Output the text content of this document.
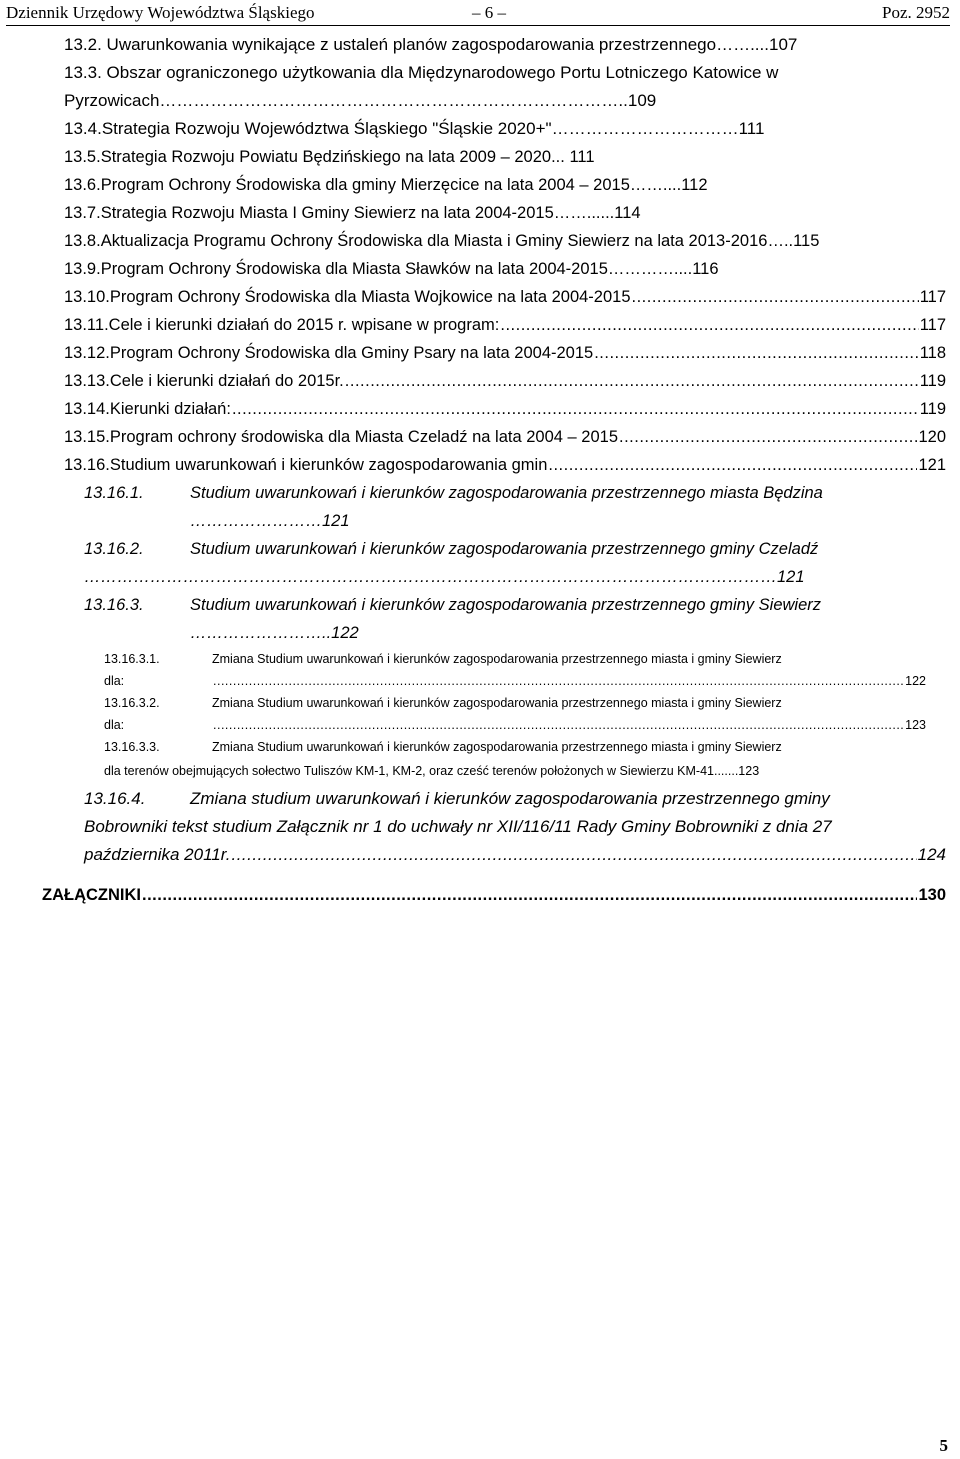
Dziennik Urzędowy Województwa Śląskiego	– 6 –	Poz. 2952
13.2. Uwarunkowania wynikające z ustaleń planów zagospodarowania przestrzennego……....107
13.3. Obszar ograniczonego użytkowania dla Międzynarodowego Portu Lotniczego Katowice w
Pyrzowicach………………………………………………………………………..109
13.4.Strategia Rozwoju Województwa Śląskiego "Śląskie 2020+"……………………………111
13.5.Strategia Rozwoju Powiatu Będzińskiego na lata 2009 – 2020... 111
13.6.Program Ochrony Środowiska dla gminy Mierzęcice na lata 2004 – 2015……....112
13.7.Strategia Rozwoju Miasta I Gminy Siewierz na lata 2004-2015……......114
13.8.Aktualizacja Programu Ochrony Środowiska dla Miasta i Gminy Siewierz na lata 2013-2016…..115
13.9.Program Ochrony Środowiska dla Miasta Sławków na lata 2004-2015…………....116
13.10. Program Ochrony Środowiska dla Miasta Wojkowice na lata 2004-2015 .....	117
13.11. Cele i kierunki działań do 2015 r. wpisane w program: .....	117
13.12. Program Ochrony Środowiska dla Gminy Psary na lata 2004-2015 .....	118
13.13. Cele i kierunki działań do 2015r. .....	119
13.14. Kierunki działań: .....	119
13.15. Program ochrony środowiska dla Miasta Czeladź na lata 2004 – 2015 .....	120
13.16. Studium uwarunkowań i kierunków zagospodarowania gmin .....	121
13.16.1.	Studium uwarunkowań i kierunków zagospodarowania przestrzennego miasta Będzina
……………………121
13.16.2.	Studium uwarunkowań i kierunków zagospodarowania przestrzennego gminy Czeladź
………………………………………………………………………………………………………………121
13.16.3.	Studium uwarunkowań i kierunków zagospodarowania przestrzennego gminy Siewierz
……………………..122
13.16.3.1.	Zmiana Studium uwarunkowań i kierunków zagospodarowania przestrzennego miasta i gminy Siewierz
dla: .....	122
13.16.3.2.	Zmiana Studium uwarunkowań i kierunków zagospodarowania przestrzennego miasta i gminy Siewierz
dla: .....	123
13.16.3.3.	Zmiana Studium uwarunkowań i kierunków zagospodarowania przestrzennego miasta i gminy Siewierz
dla terenów obejmujących sołectwo Tuliszów KM-1, KM-2, oraz cześć terenów położonych w Siewierzu KM-41.......123
13.16.4.	Zmiana studium uwarunkowań i kierunków zagospodarowania przestrzennego gminy
Bobrowniki tekst studium Załącznik nr 1 do uchwały nr XII/116/11 Rady Gminy Bobrowniki z dnia 27
października 2011r. .....	124
ZAŁĄCZNIKI .....	130
5
